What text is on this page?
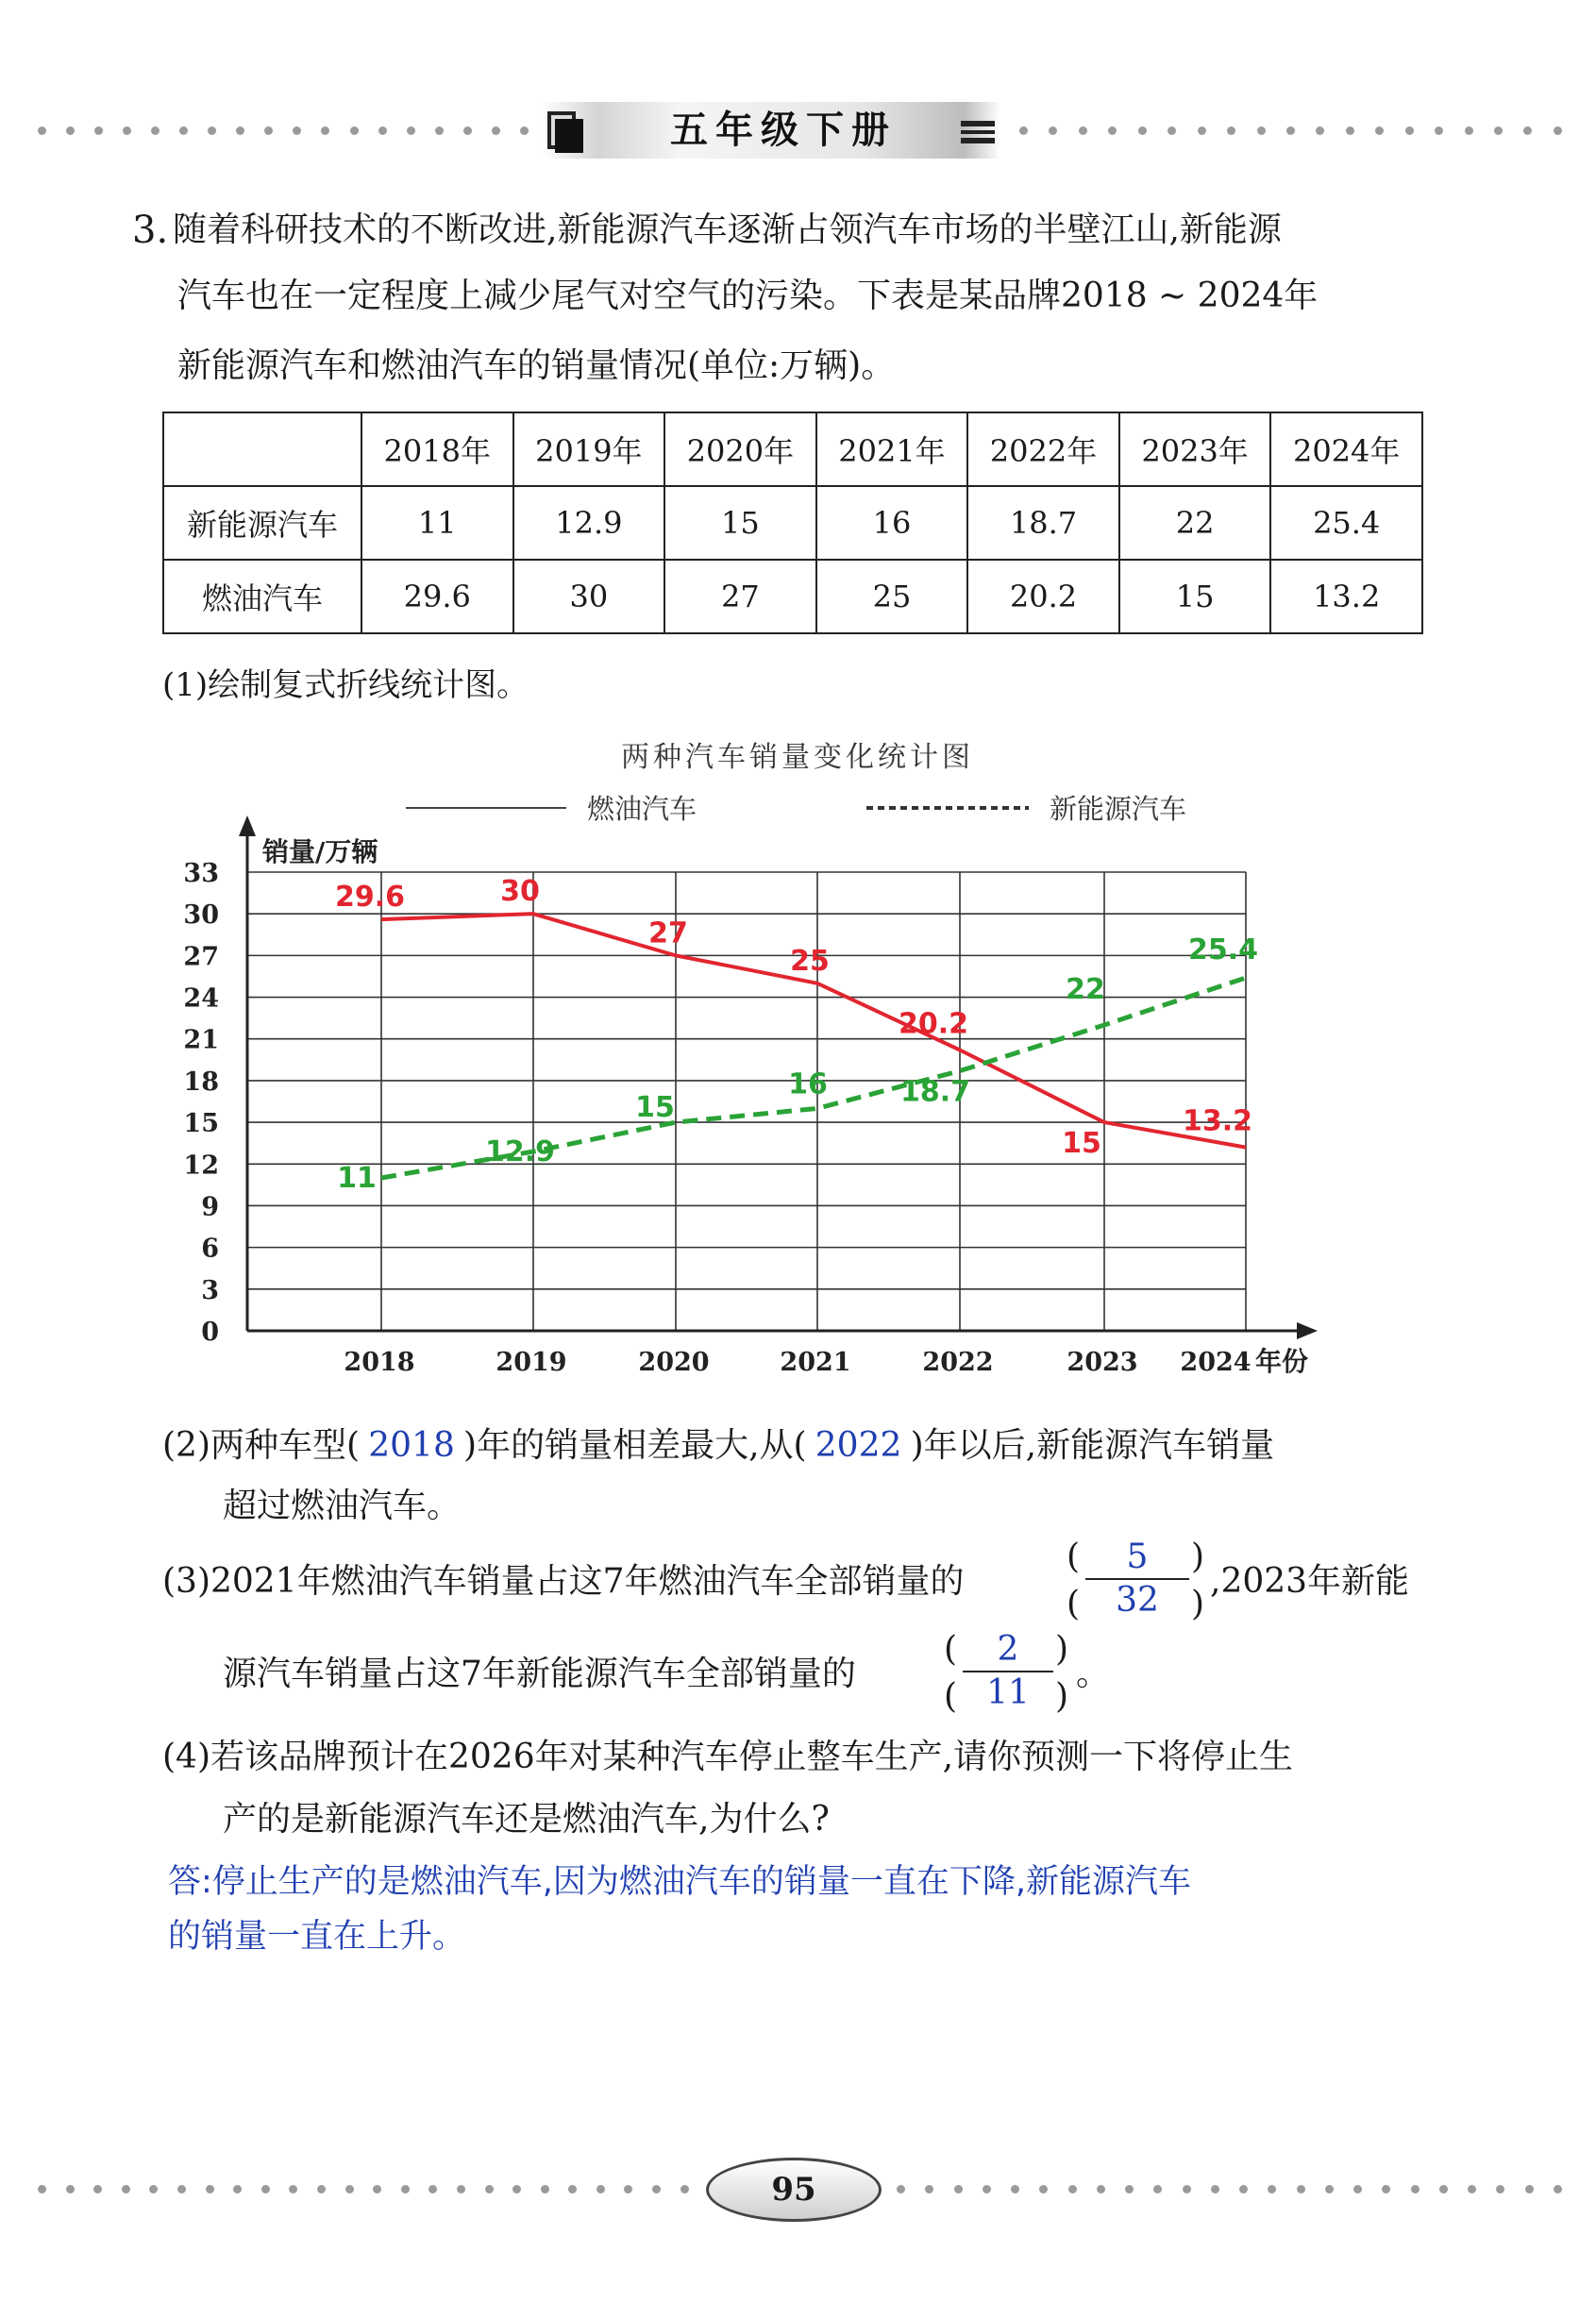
五年级下册
3. 随着科研技术的不断改进,新能源汽车逐渐占领汽车市场的半壁江山,新能源
汽车也在一定程度上减少尾气对空气的污染。下表是某品牌2018 ~ 2024年
新能源汽车和燃油汽车的销量情况(单位:万辆)。
	2018年	2019年	2020年	2021年	2022年	2023年	2024年
新能源汽车	11	12.9	15	16	18.7	22	25.4
燃油汽车	29.6	30	27	25	20.2	15	13.2
(1)绘制复式折线统计图。
两种汽车销量变化统计图
燃油汽车	新能源汽车
0
3
6
9
12
15
18
21
24
27
30
33
销量/万辆
年份
2018	2019	2020	2021	2022	2023 2024
29.6	30
27
25
20.2
15
13.2
11
12.9
15
16	18.7
22
25.4
(2)两种车型( 2018 )年的销量相差最大,从( 2022 )年以后,新能源汽车销量
超过燃油汽车。
(3)2021年燃油汽车销量占这7年燃油汽车全部销量的
(	)
(	)
5
32	,2023年新能
源汽车销量占这7年新能源汽车全部销量的
(	)
(	)
2
11	。
(4)若该品牌预计在2026年对某种汽车停止整车生产,请你预测一下将停止生
产的是新能源汽车还是燃油汽车,为什么?
答:停止生产的是燃油汽车,因为燃油汽车的销量一直在下降,新能源汽车
的销量一直在上升。
95
